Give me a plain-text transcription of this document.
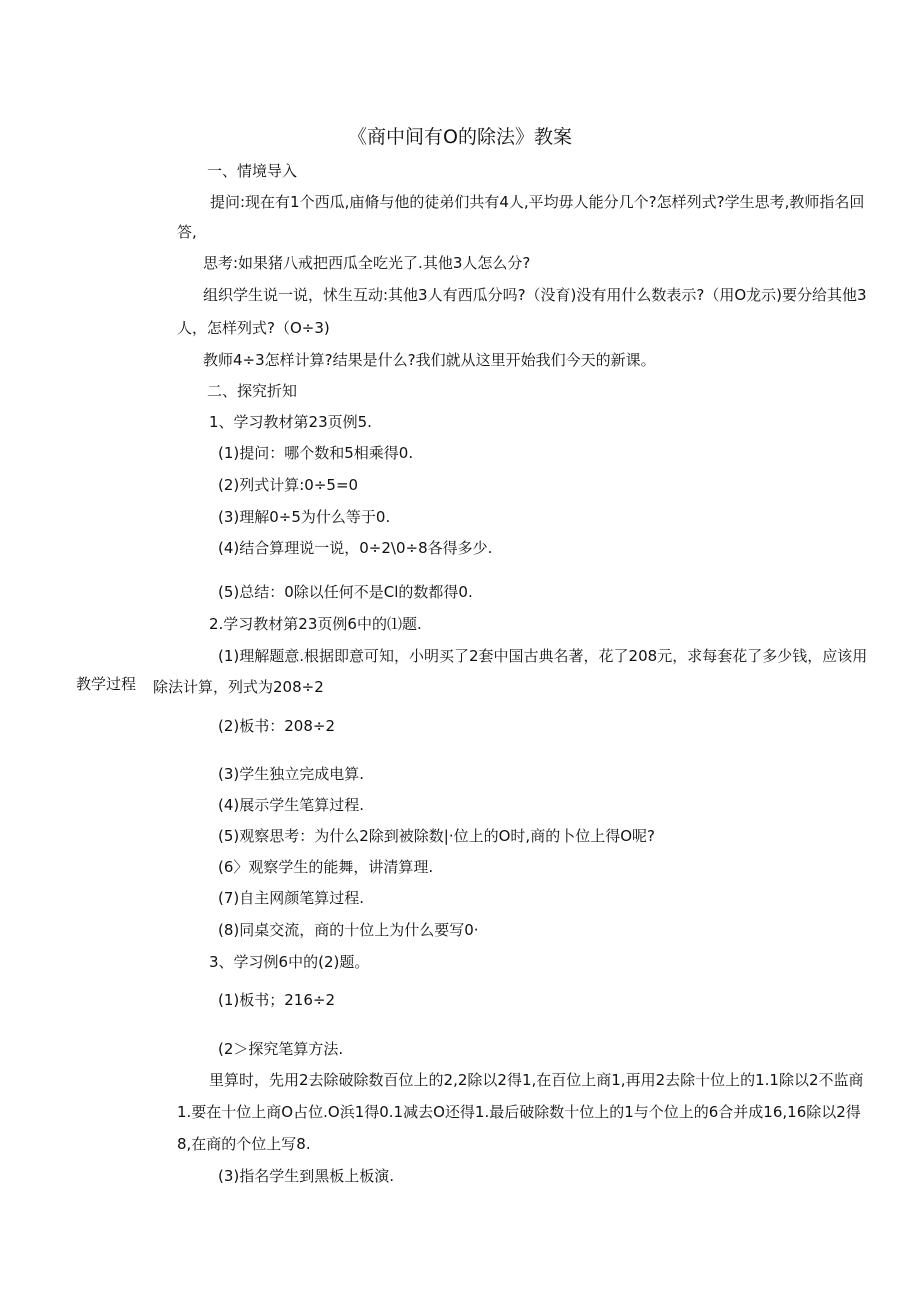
《商中间有O的除法》教案
教学过程
一、情境导入
提问:现在有1个西瓜,庙脩与他的徒弟们共有4人,平均毋人能分几个?怎样列式?学生思考,教师指名回
答,
思考:如果猪八戒把西瓜全吃光了.其他3人怎么分?
组织学生说一说，怵生互动:其他3人有西瓜分吗?（没育)没有用什么数表示?（用O龙示)要分给其他3
人，怎样列式?（O÷3)
教师4÷3怎样计算?结果是什么?我们就从这里开始我们今天的新课。
二、探究折知
1、学习教材第23页例5.
(1)提问：哪个数和5相乘得0.
(2)列式计算:0÷5=0
(3)理解0÷5为什么等于0.
(4)结合算理说一说，0÷2\0÷8各得多少.
(5)总结：0除以任何不是Cl的数都得0.
2.学习教材第23页例6中的⑴题.
(1)理解题意.根据即意可知，小明买了2套中国古典名著，花了208元，求每套花了多少钱，应该用
除法计算，列式为208÷2
(2)板书：208÷2
(3)学生独立完成电算.
(4)展示学生笔算过程.
(5)观察思考：为什么2除到被除数|·位上的O时,商的卜位上得O呢?
(6〉观察学生的能舞，讲清算理.
(7)自主网颜笔算过程.
(8)同桌交流，商的十位上为什么要写0·
3、学习例6中的(2)题。
(1)板书；216÷2
(2＞探究笔算方法.
里算时，先用2去除破除数百位上的2,2除以2得1,在百位上商1,再用2去除十位上的1.1除以2不监商
1.要在十位上商O占位.O浜1得0.1减去O还得1.最后破除数十位上的1与个位上的6合并成16,16除以2得
8,在商的个位上写8.
(3)指名学生到黑板上板演.
